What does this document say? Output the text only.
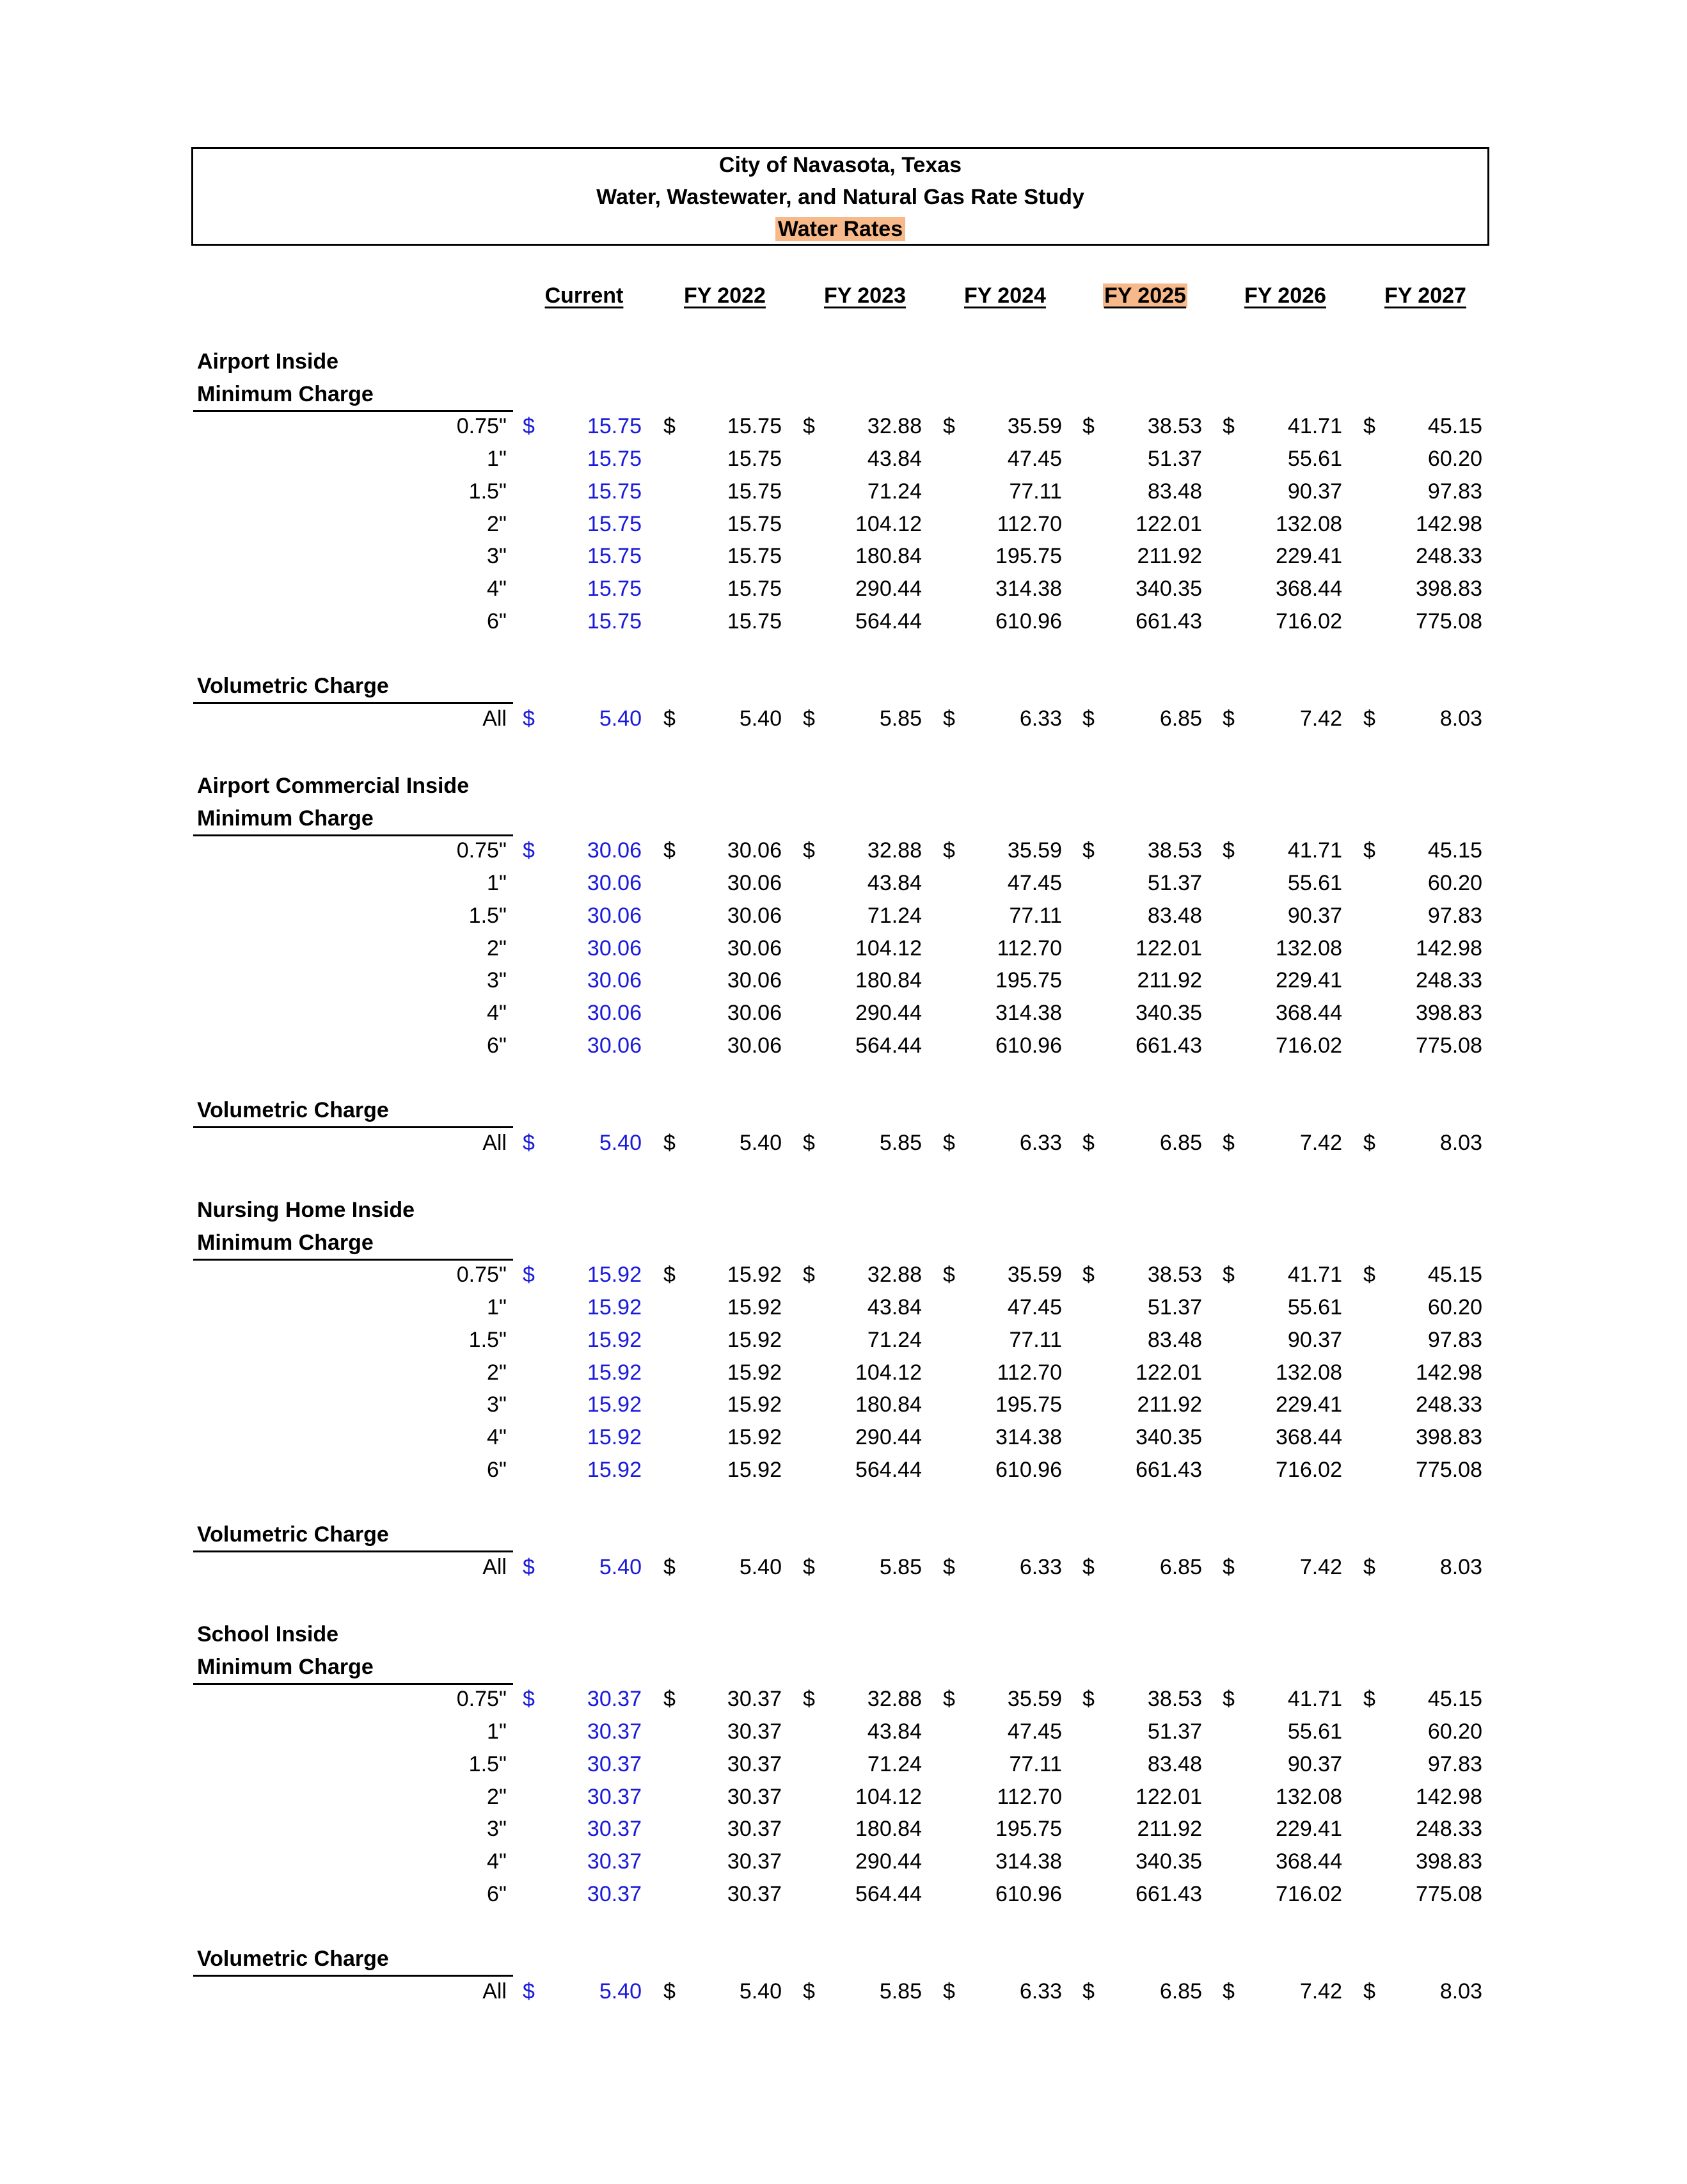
City of Navasota, Texas
Water, Wastewater, and Natural Gas Rate Study
Water Rates
Current	FY 2022	FY 2023	FY 2024	FY 2025	FY 2026	FY 2027
Airport Inside
Minimum Charge
0.75" $	15.75 $	15.75 $	32.88 $	35.59 $	38.53 $	41.71 $	45.15
1"	15.75	15.75	43.84	47.45	51.37	55.61	60.20
1.5"	15.75	15.75	71.24	77.11	83.48	90.37	97.83
2"	15.75	15.75	104.12	112.70	122.01	132.08	142.98
3"	15.75	15.75	180.84	195.75	211.92	229.41	248.33
4"	15.75	15.75	290.44	314.38	340.35	368.44	398.83
6"	15.75	15.75	564.44	610.96	661.43	716.02	775.08
Volumetric Charge
All $	5.40 $	5.40 $	5.85 $	6.33 $	6.85 $	7.42 $	8.03
Airport Commercial Inside
Minimum Charge
0.75" $	30.06 $	30.06 $	32.88 $	35.59 $	38.53 $	41.71 $	45.15
1"	30.06	30.06	43.84	47.45	51.37	55.61	60.20
1.5"	30.06	30.06	71.24	77.11	83.48	90.37	97.83
2"	30.06	30.06	104.12	112.70	122.01	132.08	142.98
3"	30.06	30.06	180.84	195.75	211.92	229.41	248.33
4"	30.06	30.06	290.44	314.38	340.35	368.44	398.83
6"	30.06	30.06	564.44	610.96	661.43	716.02	775.08
Volumetric Charge
All $	5.40 $	5.40 $	5.85 $	6.33 $	6.85 $	7.42 $	8.03
Nursing Home Inside
Minimum Charge
0.75" $	15.92 $	15.92 $	32.88 $	35.59 $	38.53 $	41.71 $	45.15
1"	15.92	15.92	43.84	47.45	51.37	55.61	60.20
1.5"	15.92	15.92	71.24	77.11	83.48	90.37	97.83
2"	15.92	15.92	104.12	112.70	122.01	132.08	142.98
3"	15.92	15.92	180.84	195.75	211.92	229.41	248.33
4"	15.92	15.92	290.44	314.38	340.35	368.44	398.83
6"	15.92	15.92	564.44	610.96	661.43	716.02	775.08
Volumetric Charge
All $	5.40 $	5.40 $	5.85 $	6.33 $	6.85 $	7.42 $	8.03
School Inside
Minimum Charge
0.75" $	30.37 $	30.37 $	32.88 $	35.59 $	38.53 $	41.71 $	45.15
1"	30.37	30.37	43.84	47.45	51.37	55.61	60.20
1.5"	30.37	30.37	71.24	77.11	83.48	90.37	97.83
2"	30.37	30.37	104.12	112.70	122.01	132.08	142.98
3"	30.37	30.37	180.84	195.75	211.92	229.41	248.33
4"	30.37	30.37	290.44	314.38	340.35	368.44	398.83
6"	30.37	30.37	564.44	610.96	661.43	716.02	775.08
Volumetric Charge
All $	5.40 $	5.40 $	5.85 $	6.33 $	6.85 $	7.42 $	8.03
